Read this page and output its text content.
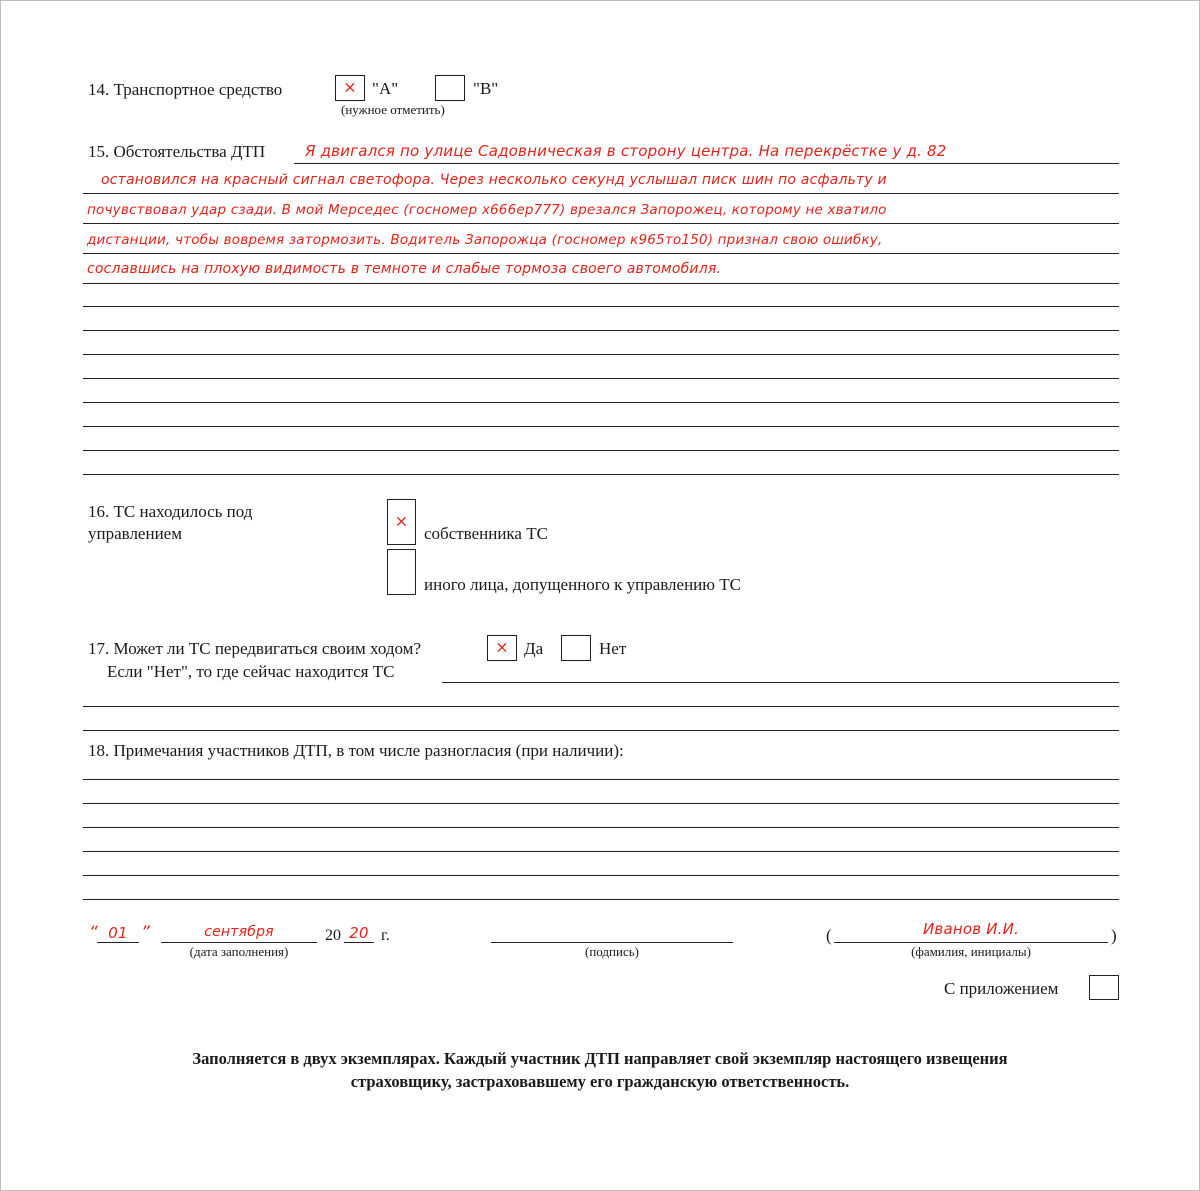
14. Транспортное средство	× "A"	"B"
(нужное отметить)
15. Обстоятельства ДТП	Я двигался по улице Садовническая в сторону центра. На перекрёстке у д. 82
остановился на красный сигнал светофора. Через несколько секунд услышал писк шин по асфальту и
почувствовал удар сзади. В мой Мерседес (госномер х666ер777) врезался Запорожец, которому не хватило
дистанции, чтобы вовремя затормозить. Водитель Запорожца (госномер к965то150) признал свою ошибку,
сославшись на плохую видимость в темноте и слабые тормоза своего автомобиля.
16. ТС находилось под
управлением
×
собственника ТС
иного лица, допущенного к управлению ТС
17. Может ли ТС передвигаться своим ходом?	× Да	Нет
Если "Нет", то где сейчас находится ТС
18. Примечания участников ДТП, в том числе разногласия (при наличии):
“ 01 ”	сентября	20 20 г.
(дата заполнения)	(подпись)
(	Иванов И.И.	)
(фамилия, инициалы)
С приложением
Заполняется в двух экземплярах. Каждый участник ДТП направляет свой экземпляр настоящего извещения
страховщику, застраховавшему его гражданскую ответственность.
